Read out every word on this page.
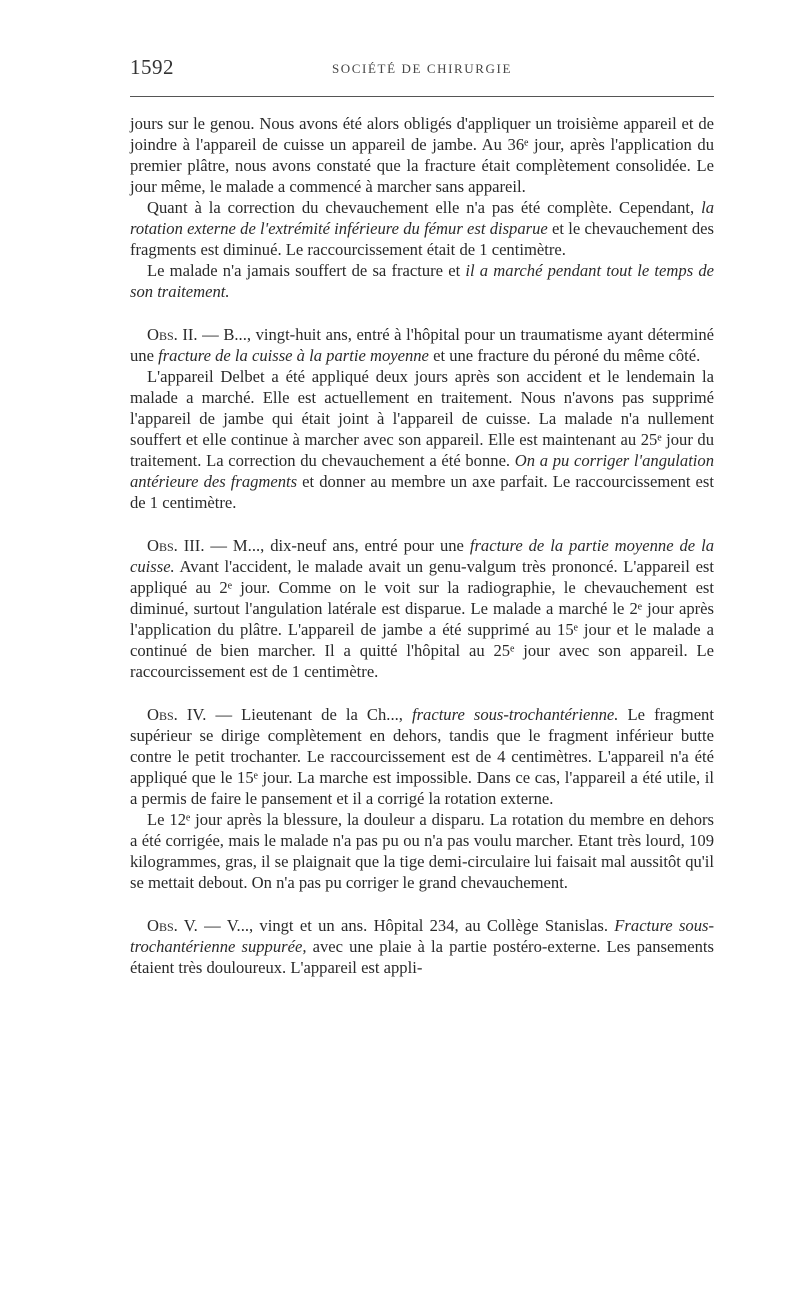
1592	SOCIÉTÉ DE CHIRURGIE

jours sur le genou. Nous avons été alors obligés d'appliquer un troisième appareil et de joindre à l'appareil de cuisse un appareil de jambe. Au 36ᵉ jour, après l'application du premier plâtre, nous avons constaté que la fracture était complètement consolidée. Le jour même, le malade a commencé à marcher sans appareil.

Quant à la correction du chevauchement elle n'a pas été complète. Cependant, la rotation externe de l'extrémité inférieure du fémur est disparue et le chevauchement des fragments est diminué. Le raccourcissement était de 1 centimètre.

Le malade n'a jamais souffert de sa fracture et il a marché pendant tout le temps de son traitement.

Obs. II. — B..., vingt-huit ans, entré à l'hôpital pour un traumatisme ayant déterminé une fracture de la cuisse à la partie moyenne et une fracture du péroné du même côté.

L'appareil Delbet a été appliqué deux jours après son accident et le lendemain la malade a marché. Elle est actuellement en traitement. Nous n'avons pas supprimé l'appareil de jambe qui était joint à l'appareil de cuisse. La malade n'a nullement souffert et elle continue à marcher avec son appareil. Elle est maintenant au 25ᵉ jour du traitement. La correction du chevauchement a été bonne. On a pu corriger l'angulation antérieure des fragments et donner au membre un axe parfait. Le raccourcissement est de 1 centimètre.

Obs. III. — M..., dix-neuf ans, entré pour une fracture de la partie moyenne de la cuisse. Avant l'accident, le malade avait un genu-valgum très prononcé. L'appareil est appliqué au 2ᵉ jour. Comme on le voit sur la radiographie, le chevauchement est diminué, surtout l'angulation latérale est disparue. Le malade a marché le 2ᵉ jour après l'application du plâtre. L'appareil de jambe a été supprimé au 15ᵉ jour et le malade a continué de bien marcher. Il a quitté l'hôpital au 25ᵉ jour avec son appareil. Le raccourcissement est de 1 centimètre.

Obs. IV. — Lieutenant de la Ch..., fracture sous-trochantérienne. Le fragment supérieur se dirige complètement en dehors, tandis que le fragment inférieur butte contre le petit trochanter. Le raccourcissement est de 4 centimètres. L'appareil n'a été appliqué que le 15ᵉ jour. La marche est impossible. Dans ce cas, l'appareil a été utile, il a permis de faire le pansement et il a corrigé la rotation externe.

Le 12ᵉ jour après la blessure, la douleur a disparu. La rotation du membre en dehors a été corrigée, mais le malade n'a pas pu ou n'a pas voulu marcher. Etant très lourd, 109 kilogrammes, gras, il se plaignait que la tige demi-circulaire lui faisait mal aussitôt qu'il se mettait debout. On n'a pas pu corriger le grand chevauchement.

Obs. V. — V..., vingt et un ans. Hôpital 234, au Collège Stanislas. Fracture sous-trochantérienne suppurée, avec une plaie à la partie postéro-externe. Les pansements étaient très douloureux. L'appareil est appli-
